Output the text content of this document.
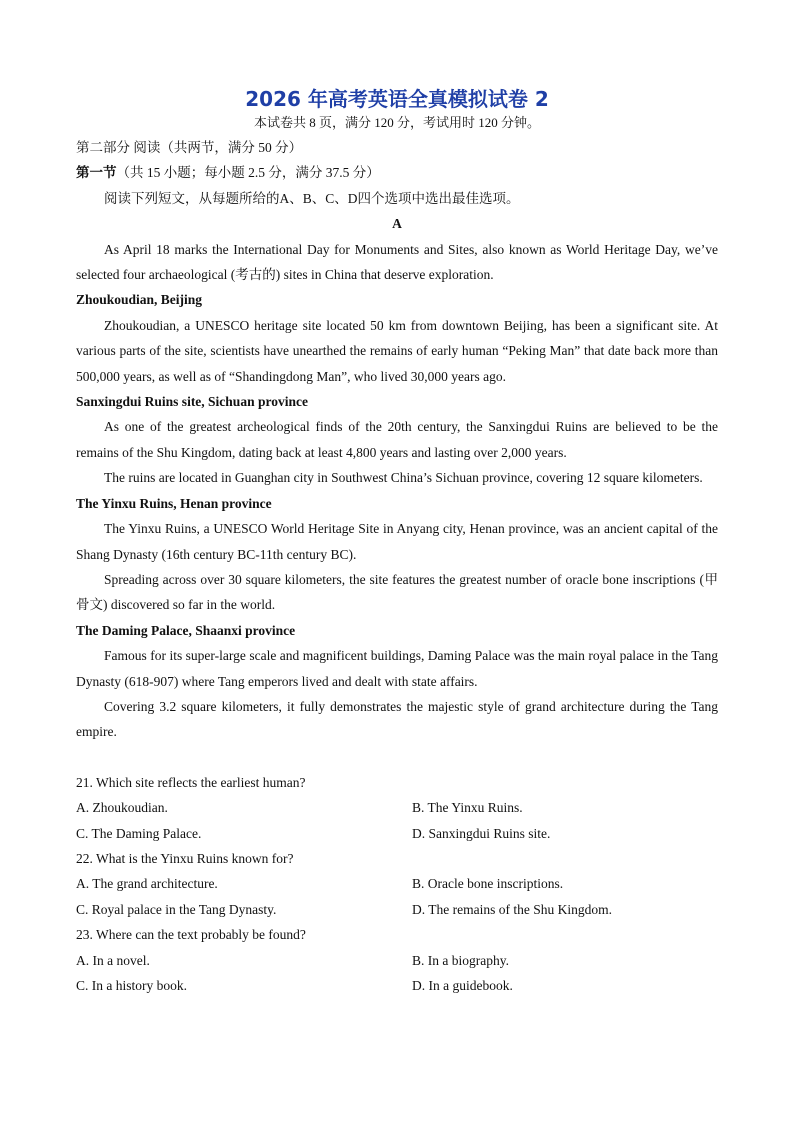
2026 年高考英语全真模拟试卷 2

本试卷共 8 页，满分 120 分，考试用时 120 分钟。

第二部分 阅读（共两节，满分 50 分）

第一节（共 15 小题；每小题 2.5 分，满分 37.5 分）

阅读下列短文，从每题所给的A、B、C、D四个选项中选出最佳选项。

A

As April 18 marks the International Day for Monuments and Sites, also known as World Heritage Day, we’ve selected four archaeological (考古的) sites in China that deserve exploration.

Zhoukoudian, Beijing

Zhoukoudian, a UNESCO heritage site located 50 km from downtown Beijing, has been a significant site. At various parts of the site, scientists have unearthed the remains of early human “Peking Man” that date back more than 500,000 years, as well as of “Shandingdong Man”, who lived 30,000 years ago.

Sanxingdui Ruins site, Sichuan province

As one of the greatest archeological finds of the 20th century, the Sanxingdui Ruins are believed to be the remains of the Shu Kingdom, dating back at least 4,800 years and lasting over 2,000 years.

The ruins are located in Guanghan city in Southwest China’s Sichuan province, covering 12 square kilometers.

The Yinxu Ruins, Henan province

The Yinxu Ruins, a UNESCO World Heritage Site in Anyang city, Henan province, was an ancient capital of the Shang Dynasty (16th century BC-11th century BC).

Spreading across over 30 square kilometers, the site features the greatest number of oracle bone inscriptions (甲骨文) discovered so far in the world.

The Daming Palace, Shaanxi province

Famous for its super-large scale and magnificent buildings, Daming Palace was the main royal palace in the Tang Dynasty (618-907) where Tang emperors lived and dealt with state affairs.

Covering 3.2 square kilometers, it fully demonstrates the majestic style of grand architecture during the Tang empire.

21. Which site reflects the earliest human?

A. Zhoukoudian.	B. The Yinxu Ruins.
C. The Daming Palace.	D. Sanxingdui Ruins site.

22. What is the Yinxu Ruins known for?

A. The grand architecture.	B. Oracle bone inscriptions.
C. Royal palace in the Tang Dynasty.	D. The remains of the Shu Kingdom.

23. Where can the text probably be found?

A. In a novel.	B. In a biography.
C. In a history book.	D. In a guidebook.
